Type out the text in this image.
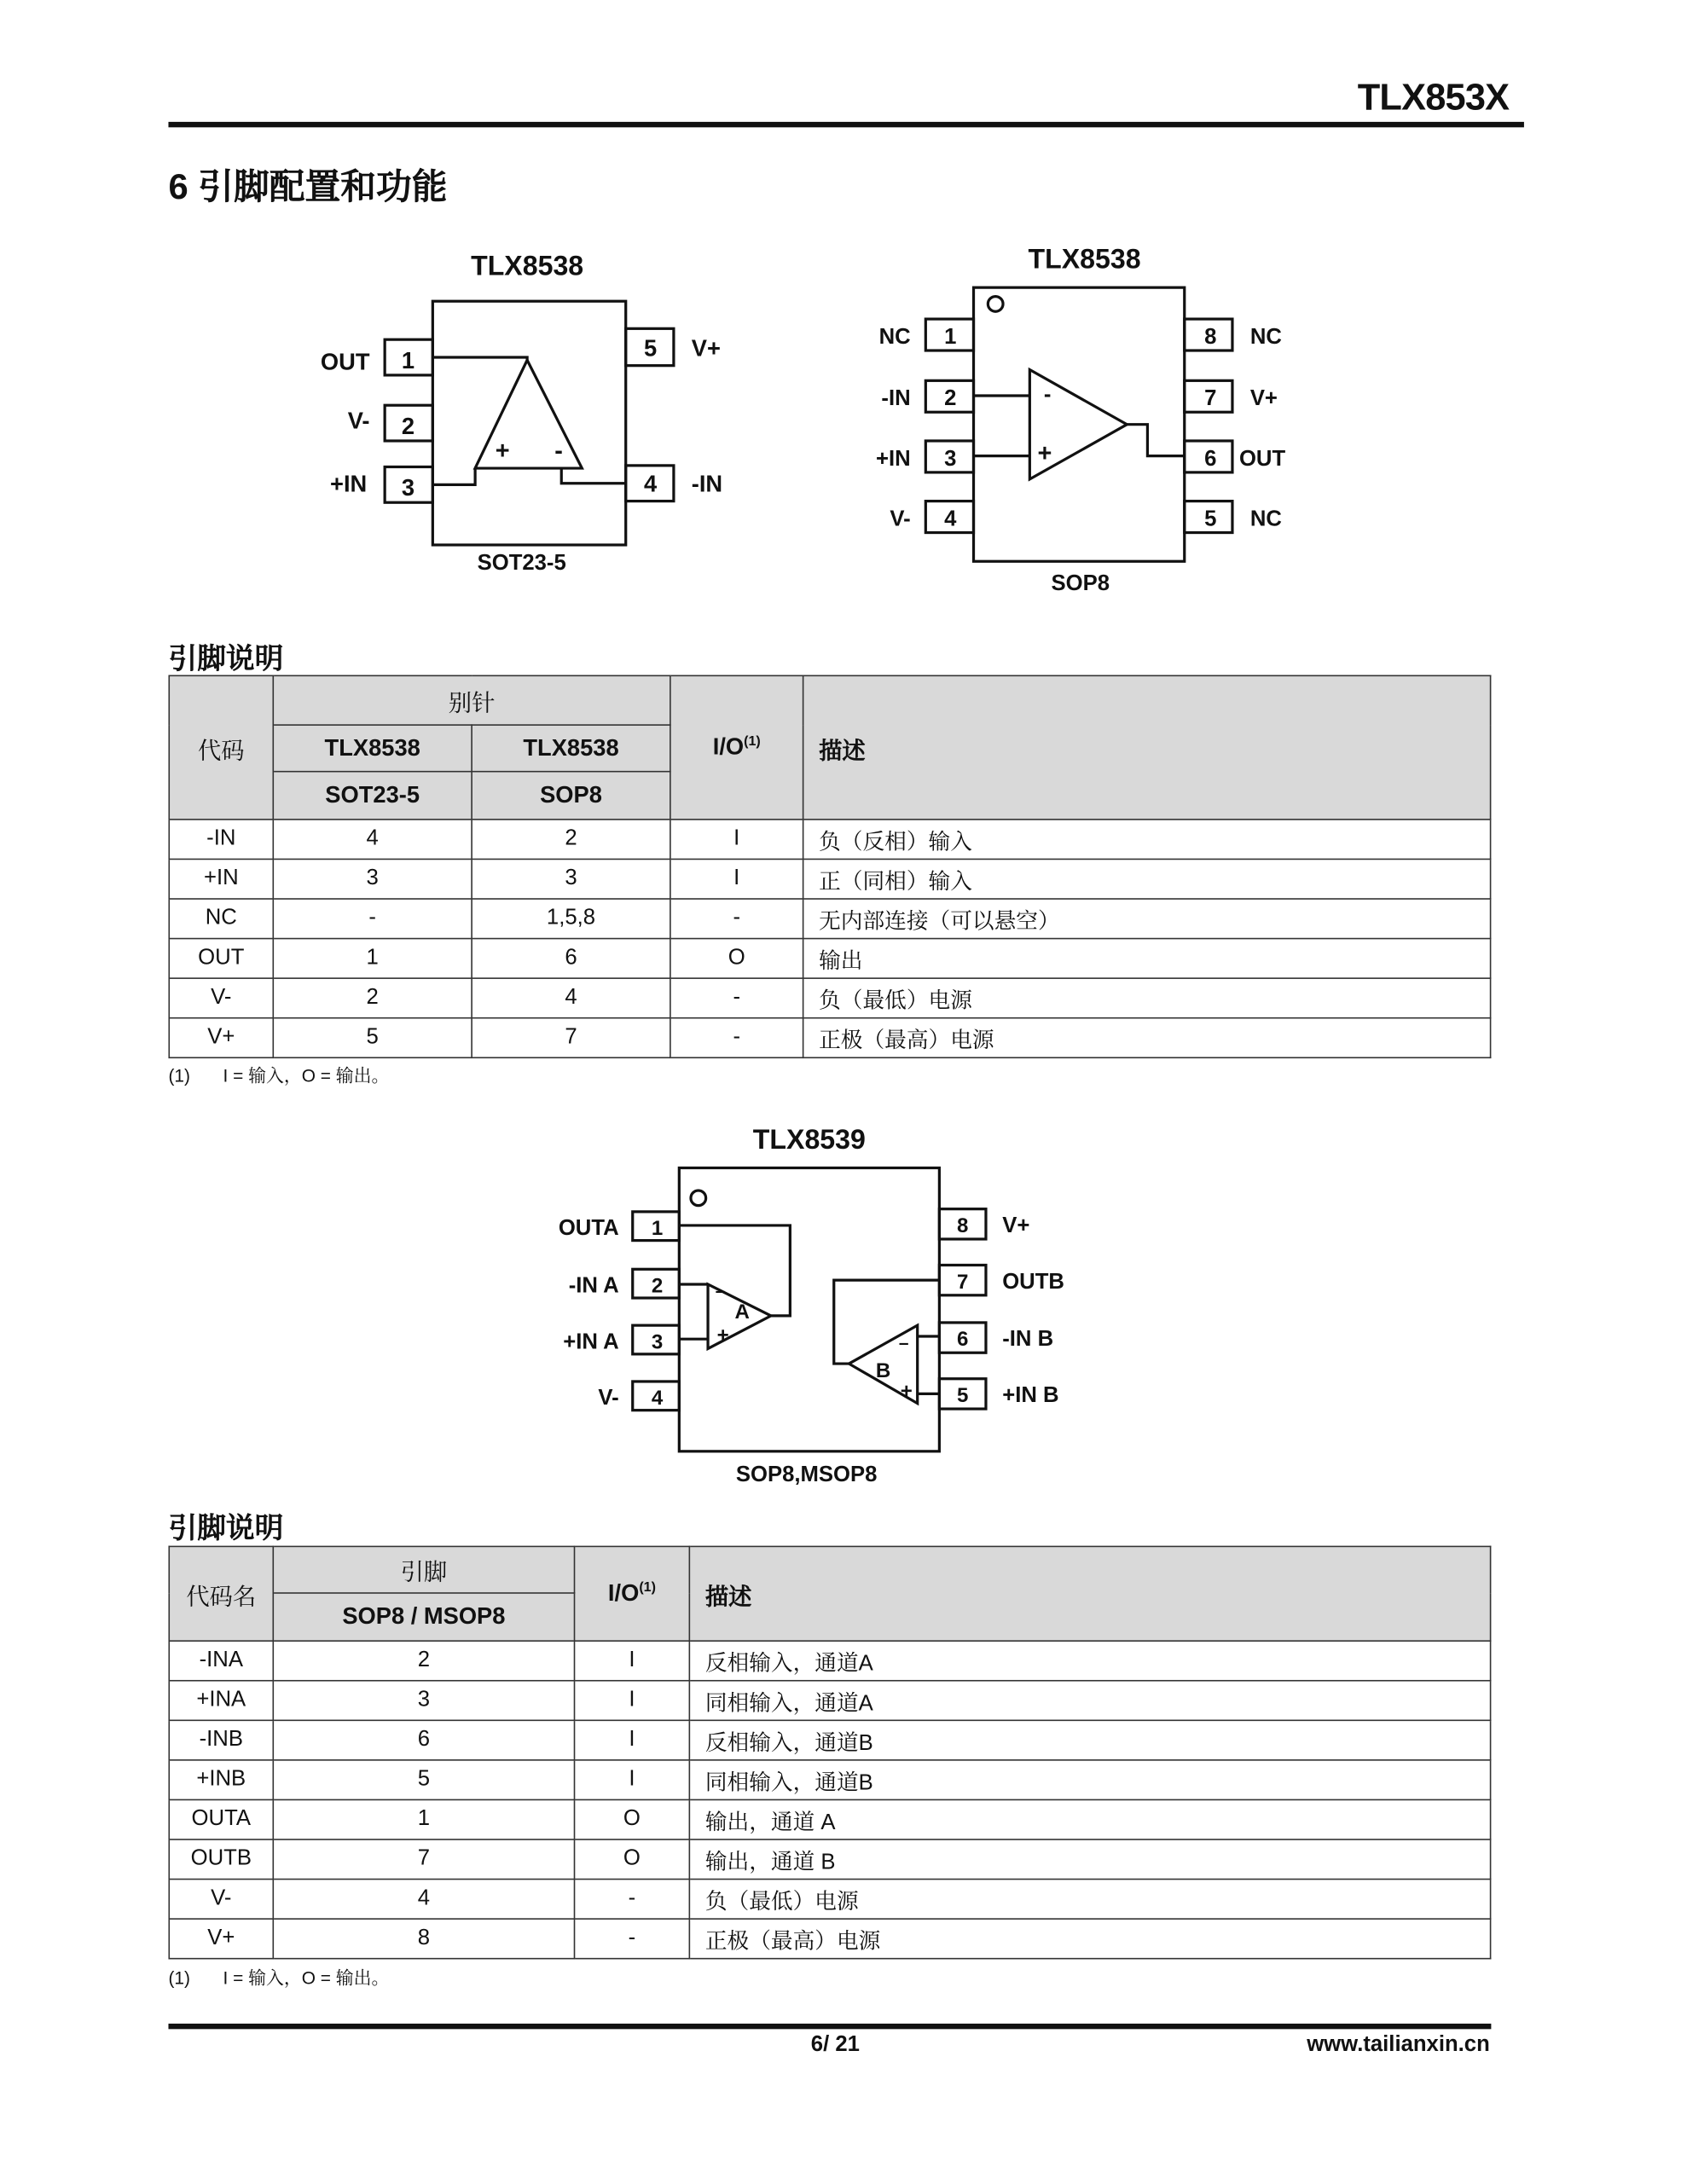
TLX853X
6 引脚配置和功能
TLX8538
1
2
3
OUT
V-
+IN
5
4
V+
-IN
+	-
SOT23-5
TLX8538
1
2
3
4
NC
-IN
+IN
V-
8
7
6
5
NC
V+
OUT
NC
-
+
SOP8
引脚说明
代码	别针		$I/O^{(1)}$	描述
	TLX8538	TLX8538		
	SOT23-5	SOP8		
-IN	4	2	I	负（反相）输入
+IN	3	3	I	正（同相）输入
NC	-	1,5,8	-	无内部连接（可以悬空）
OUT	1	6	O	输出
V-	2	4	-	负（最低）电源
V+	5	7	-	正极（最高）电源
(1)	I = 输入，O = 输出。
TLX8539
1
2
3
4
OUTA
-IN A
+IN A
V-
8
7
6
5
V+
OUTB
-IN B
+IN B
A
B
–
+	–
+
SOP8,MSOP8
引脚说明
代码名	引脚	$I/O^{(1)}$	描述
	SOP8 / MSOP8		
-INA	2	I	反相输入，通道A
+INA	3	I	同相输入，通道A
-INB	6	I	反相输入，通道B
+INB	5	I	同相输入，通道B
OUTA	1	O	输出，通道 A
OUTB	7	O	输出，通道 B
V-	4	-	负（最低）电源
V+	8	-	正极（最高）电源
(1)	I = 输入，O = 输出。
6/ 21	www.tailianxin.cn
